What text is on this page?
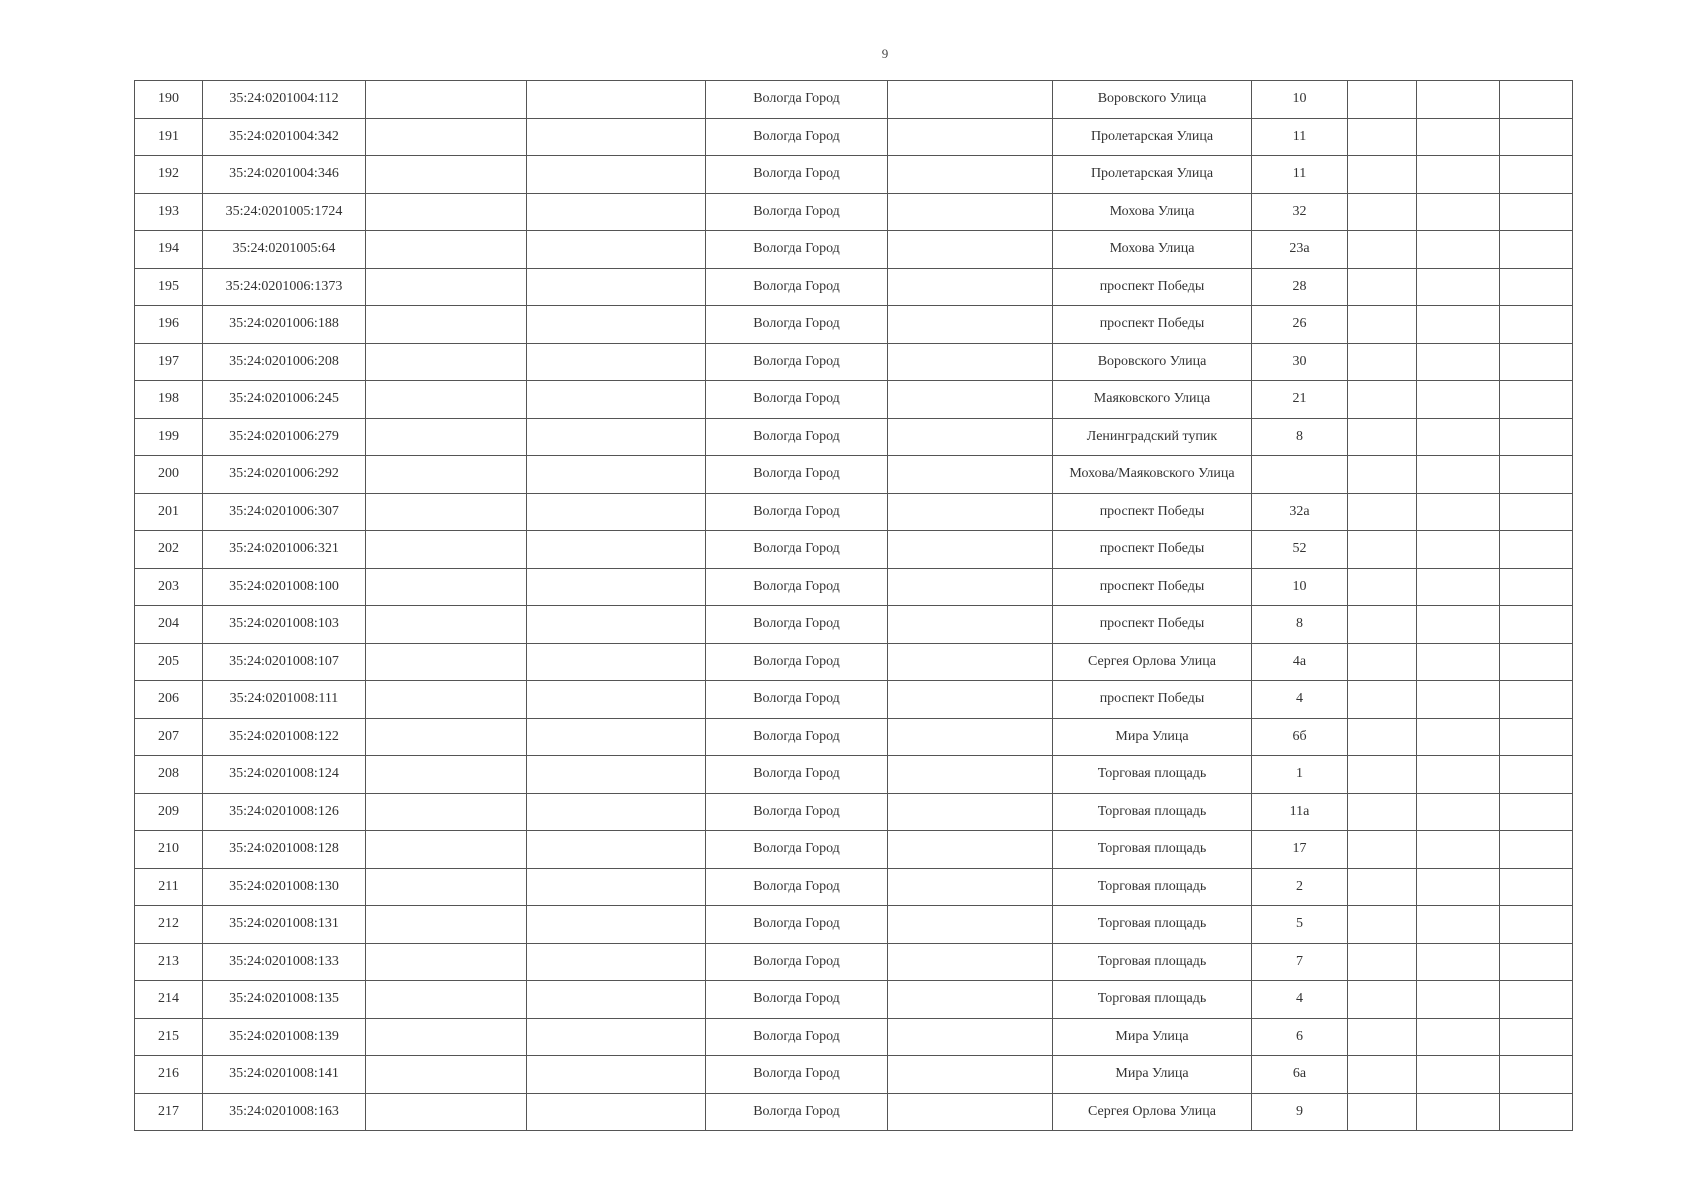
9
190	35:24:0201004:112			Вологда Город		Воровского Улица	10			
191	35:24:0201004:342			Вологда Город		Пролетарская Улица	11			
192	35:24:0201004:346			Вологда Город		Пролетарская Улица	11			
193	35:24:0201005:1724			Вологда Город		Мохова Улица	32			
194	35:24:0201005:64			Вологда Город		Мохова Улица	23а			
195	35:24:0201006:1373			Вологда Город		проспект Победы	28			
196	35:24:0201006:188			Вологда Город		проспект Победы	26			
197	35:24:0201006:208			Вологда Город		Воровского Улица	30			
198	35:24:0201006:245			Вологда Город		Маяковского Улица	21			
199	35:24:0201006:279			Вологда Город		Ленинградский тупик	8			
200	35:24:0201006:292			Вологда Город		Мохова/Маяковского Улица				
201	35:24:0201006:307			Вологда Город		проспект Победы	32а			
202	35:24:0201006:321			Вологда Город		проспект Победы	52			
203	35:24:0201008:100			Вологда Город		проспект Победы	10			
204	35:24:0201008:103			Вологда Город		проспект Победы	8			
205	35:24:0201008:107			Вологда Город		Сергея Орлова Улица	4а			
206	35:24:0201008:111			Вологда Город		проспект Победы	4			
207	35:24:0201008:122			Вологда Город		Мира Улица	6б			
208	35:24:0201008:124			Вологда Город		Торговая площадь	1			
209	35:24:0201008:126			Вологда Город		Торговая площадь	11а			
210	35:24:0201008:128			Вологда Город		Торговая площадь	17			
211	35:24:0201008:130			Вологда Город		Торговая площадь	2			
212	35:24:0201008:131			Вологда Город		Торговая площадь	5			
213	35:24:0201008:133			Вологда Город		Торговая площадь	7			
214	35:24:0201008:135			Вологда Город		Торговая площадь	4			
215	35:24:0201008:139			Вологда Город		Мира Улица	6			
216	35:24:0201008:141			Вологда Город		Мира Улица	6а			
217	35:24:0201008:163			Вологда Город		Сергея Орлова Улица	9			
